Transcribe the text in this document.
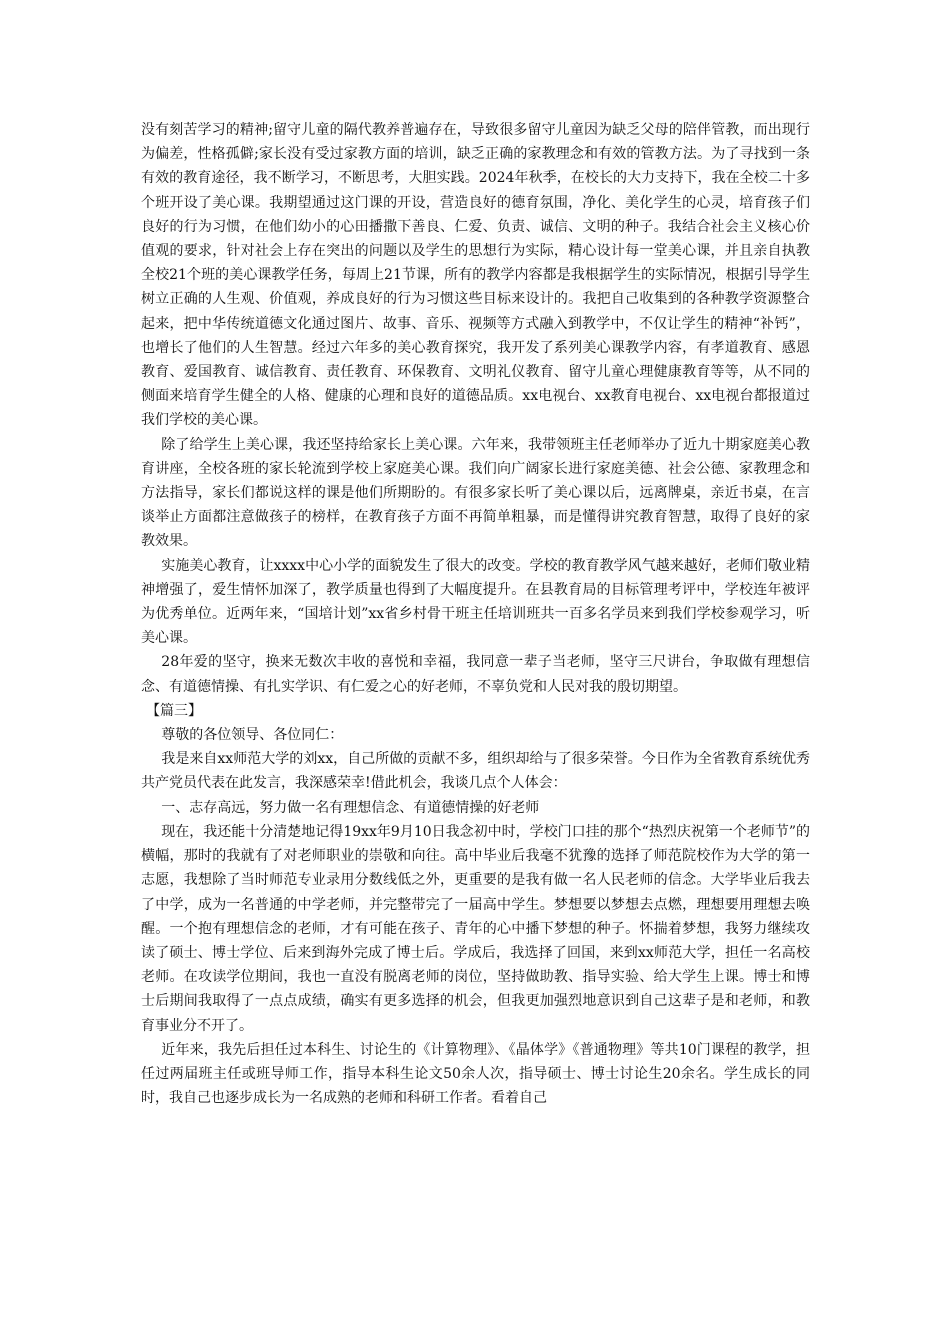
没有刻苦学习的精神;留守儿童的隔代教养普遍存在，导致很多留守儿童因为缺乏父母的陪伴管教，而出现行为偏差，性格孤僻;家长没有受过家教方面的培训，缺乏正确的家教理念和有效的管教方法。为了寻找到一条有效的教育途径，我不断学习，不断思考，大胆实践。2024年秋季，在校长的大力支持下，我在全校二十多个班开设了美心课。我期望通过这门课的开设，营造良好的德育氛围，净化、美化学生的心灵，培育孩子们良好的行为习惯，在他们幼小的心田播撒下善良、仁爱、负责、诚信、文明的种子。我结合社会主义核心价值观的要求，针对社会上存在突出的问题以及学生的思想行为实际，精心设计每一堂美心课，并且亲自执教全校21个班的美心课教学任务，每周上21节课，所有的教学内容都是我根据学生的实际情况，根据引导学生树立正确的人生观、价值观，养成良好的行为习惯这些目标来设计的。我把自己收集到的各种教学资源整合起来，把中华传统道德文化通过图片、故事、音乐、视频等方式融入到教学中，不仅让学生的精神“补钙”，也增长了他们的人生智慧。经过六年多的美心教育探究，我开发了系列美心课教学内容，有孝道教育、感恩教育、爱国教育、诚信教育、责任教育、环保教育、文明礼仪教育、留守儿童心理健康教育等等，从不同的侧面来培育学生健全的人格、健康的心理和良好的道德品质。xx电视台、xx教育电视台、xx电视台都报道过我们学校的美心课。

除了给学生上美心课，我还坚持给家长上美心课。六年来，我带领班主任老师举办了近九十期家庭美心教育讲座，全校各班的家长轮流到学校上家庭美心课。我们向广阔家长进行家庭美德、社会公德、家教理念和方法指导，家长们都说这样的课是他们所期盼的。有很多家长听了美心课以后，远离牌桌，亲近书桌，在言谈举止方面都注意做孩子的榜样，在教育孩子方面不再简单粗暴，而是懂得讲究教育智慧，取得了良好的家教效果。

实施美心教育，让xxxx中心小学的面貌发生了很大的改变。学校的教育教学风气越来越好，老师们敬业精神增强了，爱生情怀加深了，教学质量也得到了大幅度提升。在县教育局的目标管理考评中，学校连年被评为优秀单位。近两年来，“国培计划”xx省乡村骨干班主任培训班共一百多名学员来到我们学校参观学习，听美心课。

28年爱的坚守，换来无数次丰收的喜悦和幸福，我同意一辈子当老师，坚守三尺讲台，争取做有理想信念、有道德情操、有扎实学识、有仁爱之心的好老师，不辜负党和人民对我的殷切期望。

【篇三】

尊敬的各位领导、各位同仁：

我是来自xx师范大学的刘xx，自己所做的贡献不多，组织却给与了很多荣誉。今日作为全省教育系统优秀共产党员代表在此发言，我深感荣幸!借此机会，我谈几点个人体会：

一、志存高远，努力做一名有理想信念、有道德情操的好老师

现在，我还能十分清楚地记得19xx年9月10日我念初中时，学校门口挂的那个“热烈庆祝第一个老师节”的横幅，那时的我就有了对老师职业的崇敬和向往。高中毕业后我毫不犹豫的选择了师范院校作为大学的第一志愿，我想除了当时师范专业录用分数线低之外，更重要的是我有做一名人民老师的信念。大学毕业后我去了中学，成为一名普通的中学老师，并完整带完了一届高中学生。梦想要以梦想去点燃，理想要用理想去唤醒。一个抱有理想信念的老师，才有可能在孩子、青年的心中播下梦想的种子。怀揣着梦想，我努力继续攻读了硕士、博士学位、后来到海外完成了博士后。学成后，我选择了回国，来到xx师范大学，担任一名高校老师。在攻读学位期间，我也一直没有脱离老师的岗位，坚持做助教、指导实验、给大学生上课。博士和博士后期间我取得了一点点成绩，确实有更多选择的机会，但我更加强烈地意识到自己这辈子是和老师，和教育事业分不开了。

近年来，我先后担任过本科生、讨论生的《计算物理》、《晶体学》《普通物理》等共10门课程的教学，担任过两届班主任或班导师工作，指导本科生论文50余人次，指导硕士、博士讨论生20余名。学生成长的同时，我自己也逐步成长为一名成熟的老师和科研工作者。看着自己
